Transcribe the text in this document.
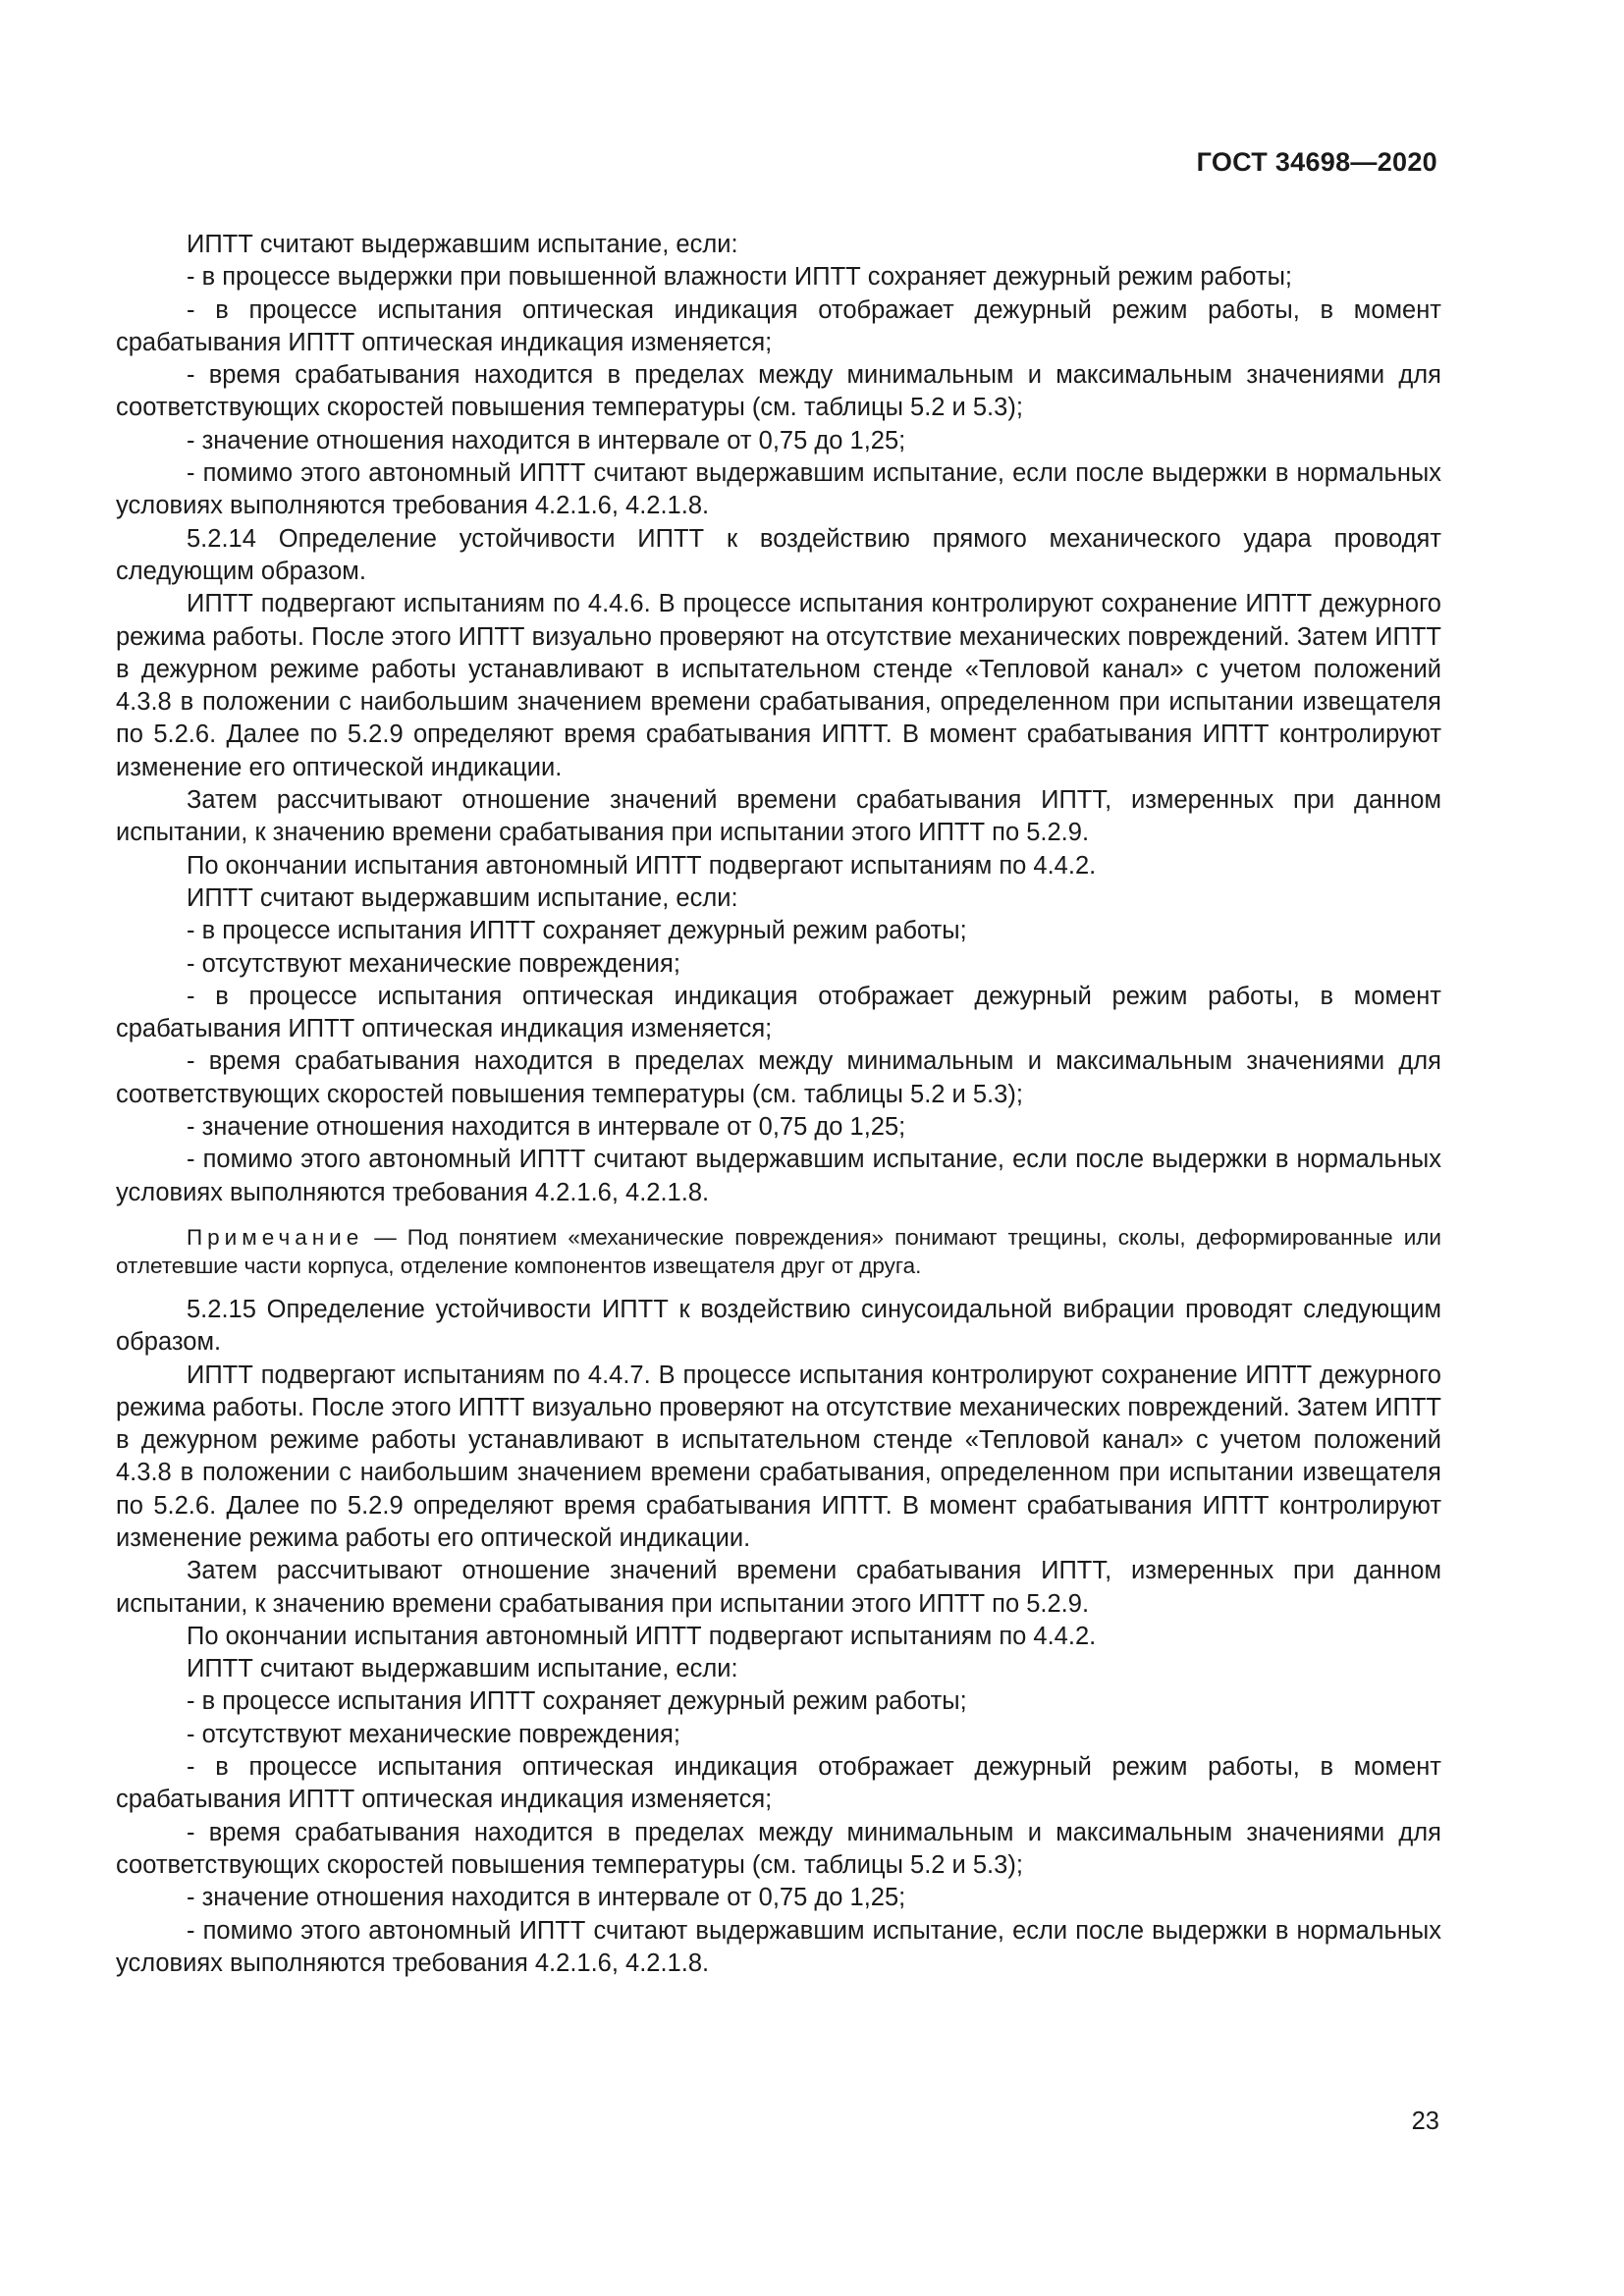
ГОСТ 34698—2020

ИПТТ считают выдержавшим испытание, если:

- в процессе выдержки при повышенной влажности ИПТТ сохраняет дежурный режим работы;

- в процессе испытания оптическая индикация отображает дежурный режим работы, в момент срабатывания ИПТТ оптическая индикация изменяется;

- время срабатывания находится в пределах между минимальным и максимальным значениями для соответствующих скоростей повышения температуры (см. таблицы 5.2 и 5.3);

- значение отношения находится в интервале от 0,75 до 1,25;

- помимо этого автономный ИПТТ считают выдержавшим испытание, если после выдержки в нормальных условиях выполняются требования 4.2.1.6, 4.2.1.8.

5.2.14 Определение устойчивости ИПТТ к воздействию прямого механического удара проводят следующим образом.

ИПТТ подвергают испытаниям по 4.4.6. В процессе испытания контролируют сохранение ИПТТ дежурного режима работы. После этого ИПТТ визуально проверяют на отсутствие механических повреждений. Затем ИПТТ в дежурном режиме работы устанавливают в испытательном стенде «Тепловой канал» с учетом положений 4.3.8 в положении с наибольшим значением времени срабатывания, определенном при испытании извещателя по 5.2.6. Далее по 5.2.9 определяют время срабатывания ИПТТ. В момент срабатывания ИПТТ контролируют изменение его оптической индикации.

Затем рассчитывают отношение значений времени срабатывания ИПТТ, измеренных при данном испытании, к значению времени срабатывания при испытании этого ИПТТ по 5.2.9.

По окончании испытания автономный ИПТТ подвергают испытаниям по 4.4.2.

ИПТТ считают выдержавшим испытание, если:

- в процессе испытания ИПТТ сохраняет дежурный режим работы;

- отсутствуют механические повреждения;

- в процессе испытания оптическая индикация отображает дежурный режим работы, в момент срабатывания ИПТТ оптическая индикация изменяется;

- время срабатывания находится в пределах между минимальным и максимальным значениями для соответствующих скоростей повышения температуры (см. таблицы 5.2 и 5.3);

- значение отношения находится в интервале от 0,75 до 1,25;

- помимо этого автономный ИПТТ считают выдержавшим испытание, если после выдержки в нормальных условиях выполняются требования 4.2.1.6, 4.2.1.8.

Примечание — Под понятием «механические повреждения» понимают трещины, сколы, деформированные или отлетевшие части корпуса, отделение компонентов извещателя друг от друга.

5.2.15 Определение устойчивости ИПТТ к воздействию синусоидальной вибрации проводят следующим образом.

ИПТТ подвергают испытаниям по 4.4.7. В процессе испытания контролируют сохранение ИПТТ дежурного режима работы. После этого ИПТТ визуально проверяют на отсутствие механических повреждений. Затем ИПТТ в дежурном режиме работы устанавливают в испытательном стенде «Тепловой канал» с учетом положений 4.3.8 в положении с наибольшим значением времени срабатывания, определенном при испытании извещателя по 5.2.6. Далее по 5.2.9 определяют время срабатывания ИПТТ. В момент срабатывания ИПТТ контролируют изменение режима работы его оптической индикации.

Затем рассчитывают отношение значений времени срабатывания ИПТТ, измеренных при данном испытании, к значению времени срабатывания при испытании этого ИПТТ по 5.2.9.

По окончании испытания автономный ИПТТ подвергают испытаниям по 4.4.2.

ИПТТ считают выдержавшим испытание, если:

- в процессе испытания ИПТТ сохраняет дежурный режим работы;

- отсутствуют механические повреждения;

- в процессе испытания оптическая индикация отображает дежурный режим работы, в момент срабатывания ИПТТ оптическая индикация изменяется;

- время срабатывания находится в пределах между минимальным и максимальным значениями для соответствующих скоростей повышения температуры (см. таблицы 5.2 и 5.3);

- значение отношения находится в интервале от 0,75 до 1,25;

- помимо этого автономный ИПТТ считают выдержавшим испытание, если после выдержки в нормальных условиях выполняются требования 4.2.1.6, 4.2.1.8.

23
